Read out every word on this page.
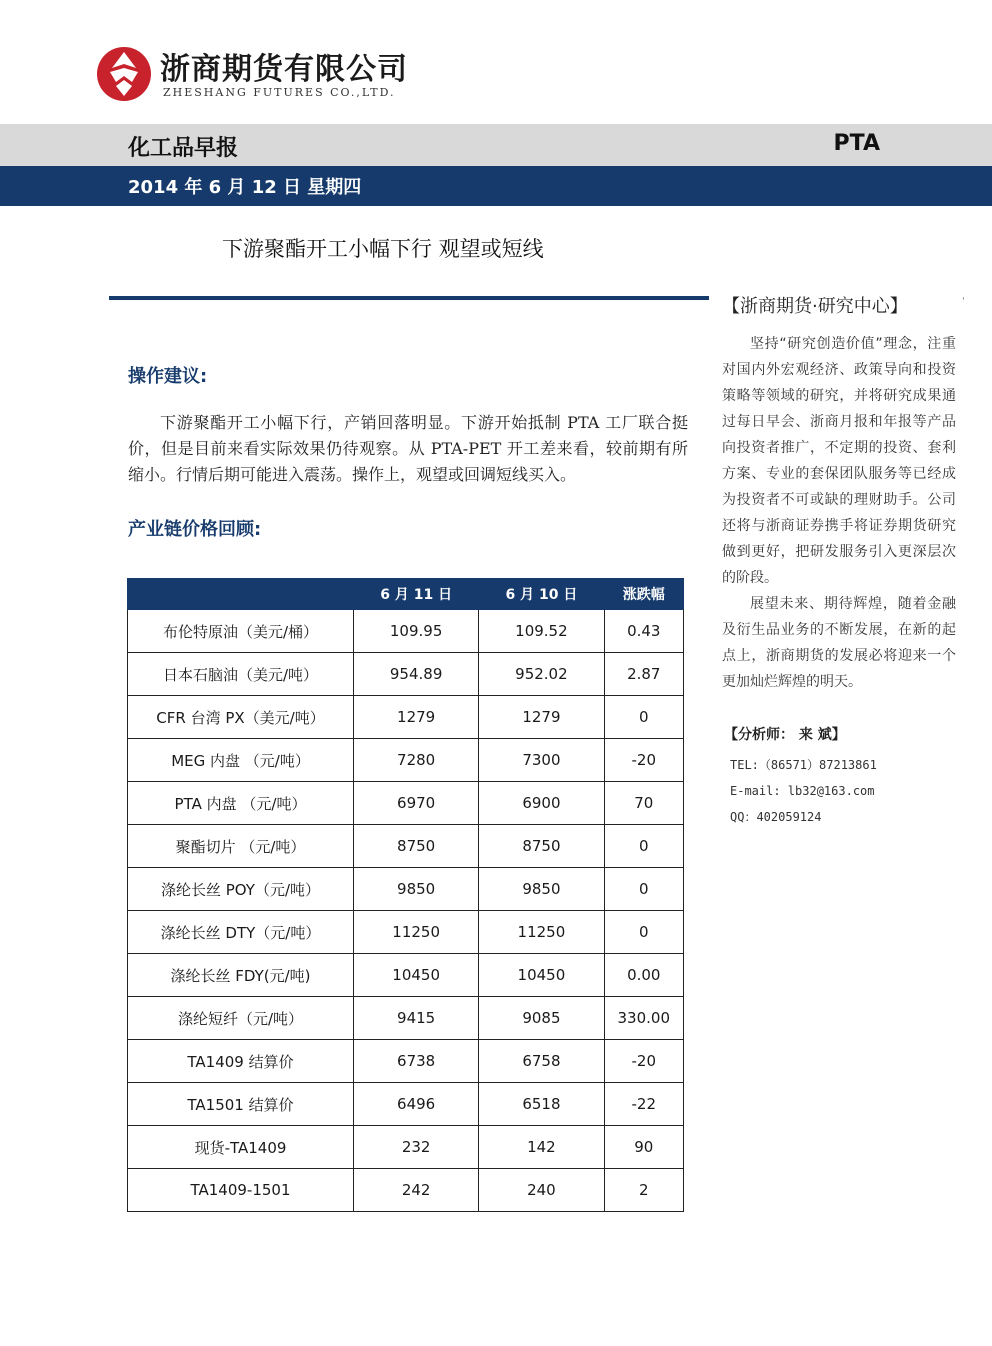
浙商期货有限公司
ZHESHANG FUTURES CO.,LTD.
化工品早报	PTA
2014 年 6 月 12 日 星期四
下游聚酯开工小幅下行 观望或短线
【浙商期货·研究中心】	'

坚持“研究创造价值”理念，注重对国内外宏观经济、政策导向和投资策略等领域的研究，并将研究成果通过每日早会、浙商月报和年报等产品向投资者推广，不定期的投资、套利方案、专业的套保团队服务等已经成为投资者不可或缺的理财助手。公司还将与浙商证券携手将证券期货研究做到更好，把研发服务引入更深层次的阶段。

展望未来、期待辉煌，随着金融及衍生品业务的不断发展，在新的起点上，浙商期货的发展必将迎来一个更加灿烂辉煌的明天。

【分析师： 来 斌】
TEL:（86571）87213861
E-mail: lb32@163.com
QQ：402059124
操作建议:
下游聚酯开工小幅下行，产销回落明显。下游开始抵制 PTA 工厂联合挺价，但是目前来看实际效果仍待观察。从 PTA-PET 开工差来看，较前期有所缩小。行情后期可能进入震荡。操作上，观望或回调短线买入。
产业链价格回顾:
	6 月 11 日	6 月 10 日	涨跌幅
布伦特原油（美元/桶）	109.95	109.52	0.43
日本石脑油（美元/吨）	954.89	952.02	2.87
CFR 台湾 PX（美元/吨）	1279	1279	0
MEG 内盘 （元/吨）	7280	7300	-20
PTA 内盘 （元/吨）	6970	6900	70
聚酯切片 （元/吨）	8750	8750	0
涤纶长丝 POY（元/吨）	9850	9850	0
涤纶长丝 DTY（元/吨）	11250	11250	0
涤纶长丝 FDY(元/吨)	10450	10450	0.00
涤纶短纤（元/吨）	9415	9085	330.00
TA1409 结算价	6738	6758	-20
TA1501 结算价	6496	6518	-22
现货-TA1409	232	142	90
TA1409-1501	242	240	2
